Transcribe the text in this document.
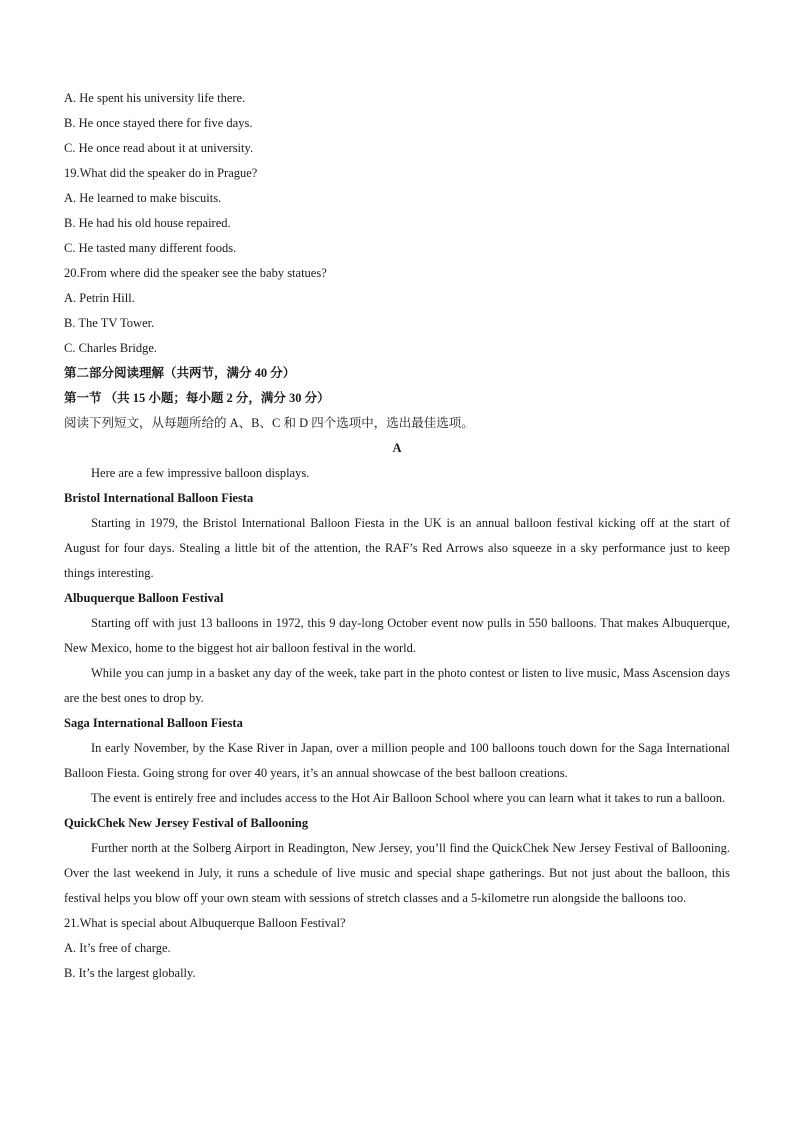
A. He spent his university life there.

B. He once stayed there for five days.

C. He once read about it at university.

19.What did the speaker do in Prague?

A. He learned to make biscuits.

B. He had his old house repaired.

C. He tasted many different foods.

20.From where did the speaker see the baby statues?

A. Petrin Hill.

B. The TV Tower.

C. Charles Bridge.

第二部分阅读理解（共两节，满分 40 分）

第一节 （共 15 小题；每小题 2 分，满分 30 分）

阅读下列短文，从每题所给的 A、B、C 和 D 四个选项中，选出最佳选项。

A

Here are a few impressive balloon displays.

Bristol International Balloon Fiesta

Starting in 1979, the Bristol International Balloon Fiesta in the UK is an annual balloon festival kicking off at the start of August for four days. Stealing a little bit of the attention, the RAF’s Red Arrows also squeeze in a sky performance just to keep things interesting.

Albuquerque Balloon Festival

Starting off with just 13 balloons in 1972, this 9 day-long October event now pulls in 550 balloons. That makes Albuquerque, New Mexico, home to the biggest hot air balloon festival in the world.

While you can jump in a basket any day of the week, take part in the photo contest or listen to live music, Mass Ascension days are the best ones to drop by.

Saga International Balloon Fiesta

In early November, by the Kase River in Japan, over a million people and 100 balloons touch down for the Saga International Balloon Fiesta. Going strong for over 40 years, it’s an annual showcase of the best balloon creations.

The event is entirely free and includes access to the Hot Air Balloon School where you can learn what it takes to run a balloon.

QuickChek New Jersey Festival of Ballooning

Further north at the Solberg Airport in Readington, New Jersey, you’ll find the QuickChek New Jersey Festival of Ballooning. Over the last weekend in July, it runs a schedule of live music and special shape gatherings. But not just about the balloon, this festival helps you blow off your own steam with sessions of stretch classes and a 5-kilometre run alongside the balloons too.

21.What is special about Albuquerque Balloon Festival?

A. It’s free of charge.

B. It’s the largest globally.
